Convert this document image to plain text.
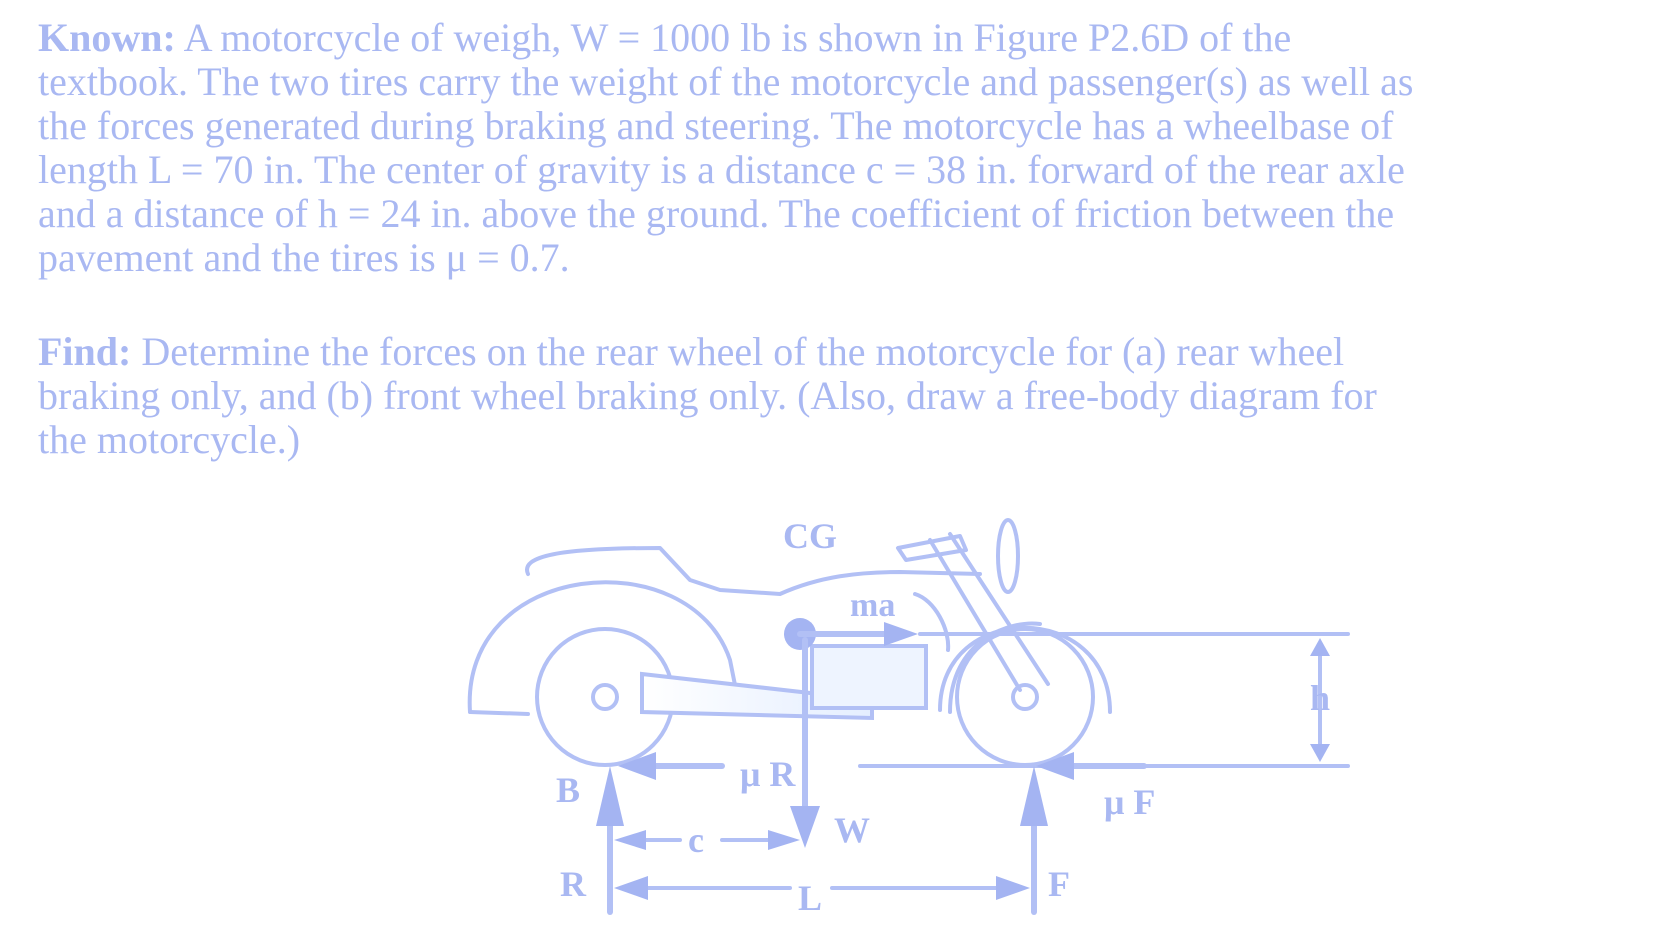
Known: A motorcycle of weigh, W = 1000 lb is shown in Figure P2.6D of the
textbook. The two tires carry the weight of the motorcycle and passenger(s) as well as
the forces generated during braking and steering. The motorcycle has a wheelbase of
length L = 70 in. The center of gravity is a distance c = 38 in. forward of the rear axle
and a distance of h = 24 in. above the ground. The coefficient of friction between the
pavement and the tires is μ = 0.7.
Find: Determine the forces on the rear wheel of the motorcycle for (a) rear wheel
braking only, and (b) front wheel braking only. (Also, draw a free-body diagram for
the motorcycle.)
CG
ma
h
B	μ R
μ F
W
c
R	L	F
